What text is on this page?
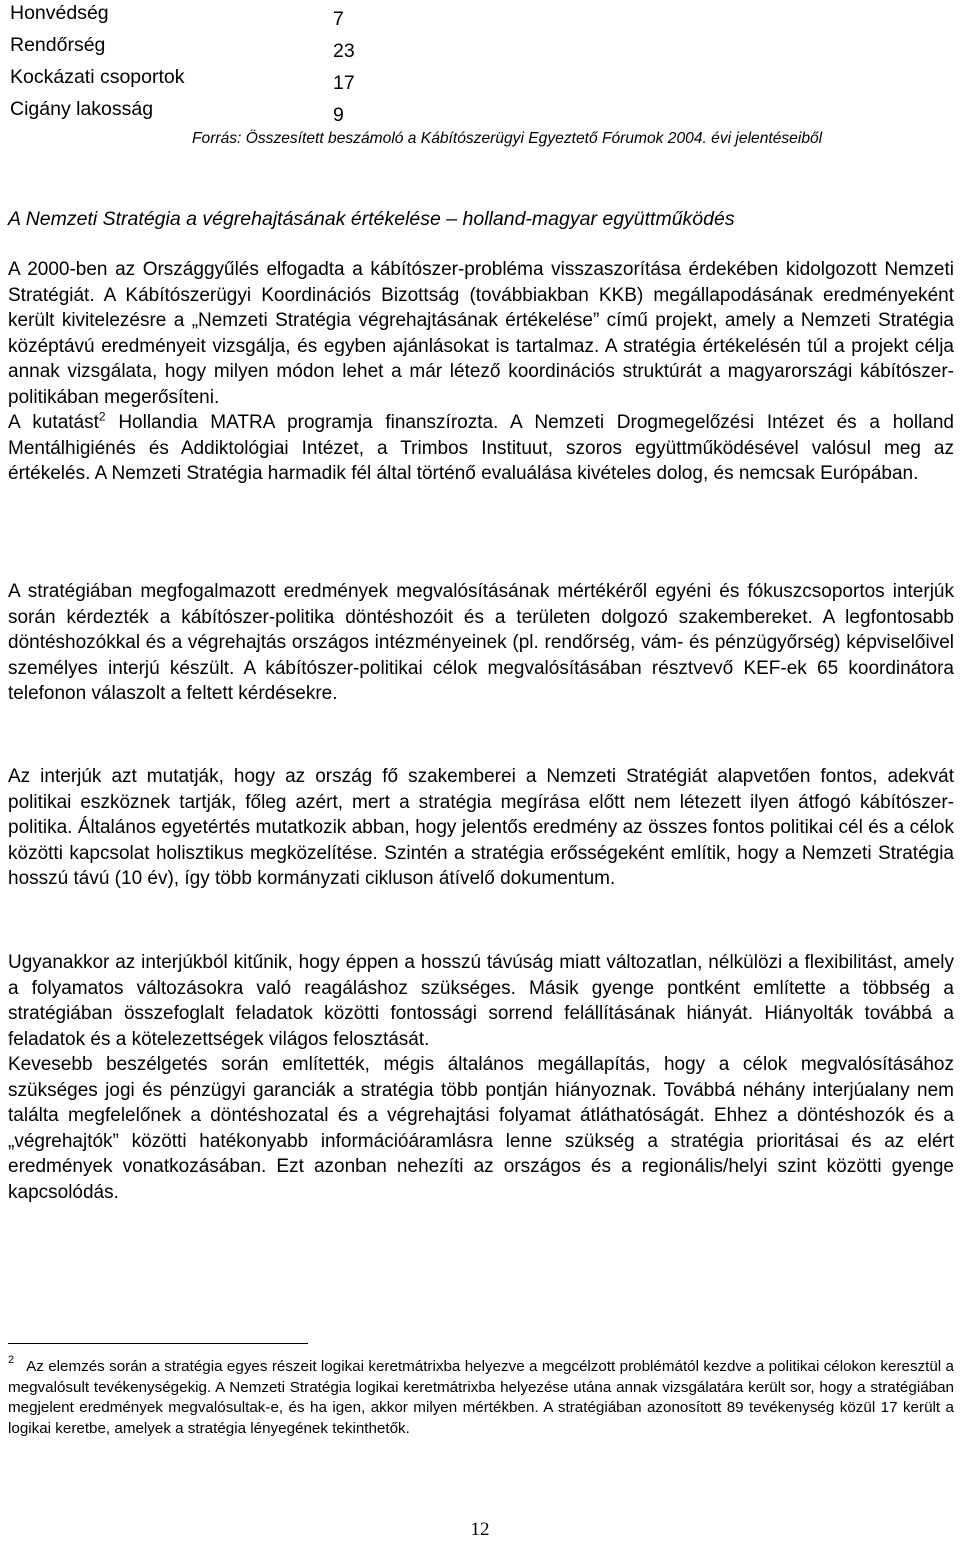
Honvédség	7
Rendőrség	23
Kockázati csoportok	17
Cigány lakosság	9
Forrás: Összesített beszámoló a Kábítószerügyi Egyeztető Fórumok 2004. évi jelentéseiből
A Nemzeti Stratégia a végrehajtásának értékelése – holland-magyar együttműködés

A 2000-ben az Országgyűlés elfogadta a kábítószer-probléma visszaszorítása érdekében kidolgozott Nemzeti Stratégiát. A Kábítószerügyi Koordinációs Bizottság (továbbiakban KKB) megállapodásának eredményeként került kivitelezésre a „Nemzeti Stratégia végrehajtásának értékelése” című projekt, amely a Nemzeti Stratégia középtávú eredményeit vizsgálja, és egyben ajánlásokat is tartalmaz. A stratégia értékelésén túl a projekt célja annak vizsgálata, hogy milyen módon lehet a már létező koordinációs struktúrát a magyarországi kábítószer-politikában megerősíteni.

A kutatást$^2$ Hollandia MATRA programja finanszírozta. A Nemzeti Drogmegelőzési Intézet és a holland Mentálhigiénés és Addiktológiai Intézet, a Trimbos Instituut, szoros együttműködésével valósul meg az értékelés. A Nemzeti Stratégia harmadik fél által történő evaluálása kivételes dolog, és nemcsak Európában.

A stratégiában megfogalmazott eredmények megvalósításának mértékéről egyéni és fókuszcsoportos interjúk során kérdezték a kábítószer-politika döntéshozóit és a területen dolgozó szakembereket. A legfontosabb döntéshozókkal és a végrehajtás országos intézményeinek (pl. rendőrség, vám- és pénzügyőrség) képviselőivel személyes interjú készült. A kábítószer-politikai célok megvalósításában résztvevő KEF-ek 65 koordinátora telefonon válaszolt a feltett kérdésekre.

Az interjúk azt mutatják, hogy az ország fő szakemberei a Nemzeti Stratégiát alapvetően fontos, adekvát politikai eszköznek tartják, főleg azért, mert a stratégia megírása előtt nem létezett ilyen átfogó kábítószer-politika. Általános egyetértés mutatkozik abban, hogy jelentős eredmény az összes fontos politikai cél és a célok közötti kapcsolat holisztikus megközelítése. Szintén a stratégia erősségeként említik, hogy a Nemzeti Stratégia hosszú távú (10 év), így több kormányzati cikluson átívelő dokumentum.

Ugyanakkor az interjúkból kitűnik, hogy éppen a hosszú távúság miatt változatlan, nélkülözi a flexibilitást, amely a folyamatos változásokra való reagáláshoz szükséges. Másik gyenge pontként említette a többség a stratégiában összefoglalt feladatok közötti fontossági sorrend felállításának hiányát. Hiányolták továbbá a feladatok és a kötelezettségek világos felosztását.

Kevesebb beszélgetés során említették, mégis általános megállapítás, hogy a célok megvalósításához szükséges jogi és pénzügyi garanciák a stratégia több pontján hiányoznak. Továbbá néhány interjúalany nem találta megfelelőnek a döntéshozatal és a végrehajtási folyamat átláthatóságát. Ehhez a döntéshozók és a „végrehajtók” közötti hatékonyabb információáramlásra lenne szükség a stratégia prioritásai és az elért eredmények vonatkozásában. Ezt azonban nehezíti az országos és a regionális/helyi szint közötti gyenge kapcsolódás.

$^2$ Az elemzés során a stratégia egyes részeit logikai keretmátrixba helyezve a megcélzott problémától kezdve a politikai célokon keresztül a megvalósult tevékenységekig. A Nemzeti Stratégia logikai keretmátrixba helyezése utána annak vizsgálatára került sor, hogy a stratégiában megjelent eredmények megvalósultak-e, és ha igen, akkor milyen mértékben. A stratégiában azonosított 89 tevékenység közül 17 került a logikai keretbe, amelyek a stratégia lényegének tekinthetők.
12
